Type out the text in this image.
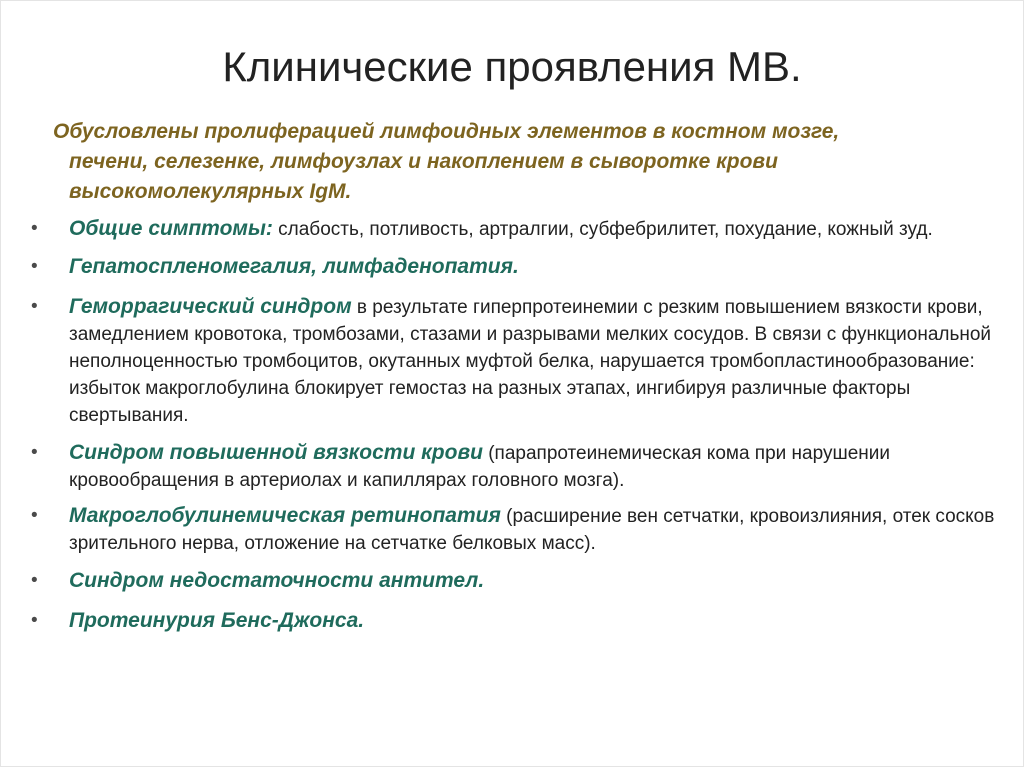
Клинические проявления МВ.
Обусловлены пролиферацией лимфоидных элементов в костном мозге,
печени, селезенке, лимфоузлах и накоплением в сыворотке крови высокомолекулярных IgM.
•	Общие симптомы: слабость, потливость, артралгии, субфебрилитет, похудание, кожный зуд.
•	Гепатоспленомегалия, лимфаденопатия.
•	Геморрагический синдром в результате гиперпротеинемии с резким повышением вязкости крови, замедлением кровотока, тромбозами, стазами и разрывами мелких сосудов. В связи с функциональной неполноценностью тромбоцитов, окутанных муфтой белка, нарушается тромбопластинообразование: избыток макроглобулина блокирует гемостаз на разных этапах, ингибируя различные факторы свертывания.
•	Синдром повышенной вязкости крови (парапротеинемическая кома при нарушении кровообращения в артериолах и капиллярах головного мозга).
•	Макроглобулинемическая ретинопатия (расширение вен сетчатки, кровоизлияния, отек сосков зрительного нерва, отложение на сетчатке белковых масс).
•	Синдром недостаточности антител.
•	Протеинурия Бенс-Джонса.
